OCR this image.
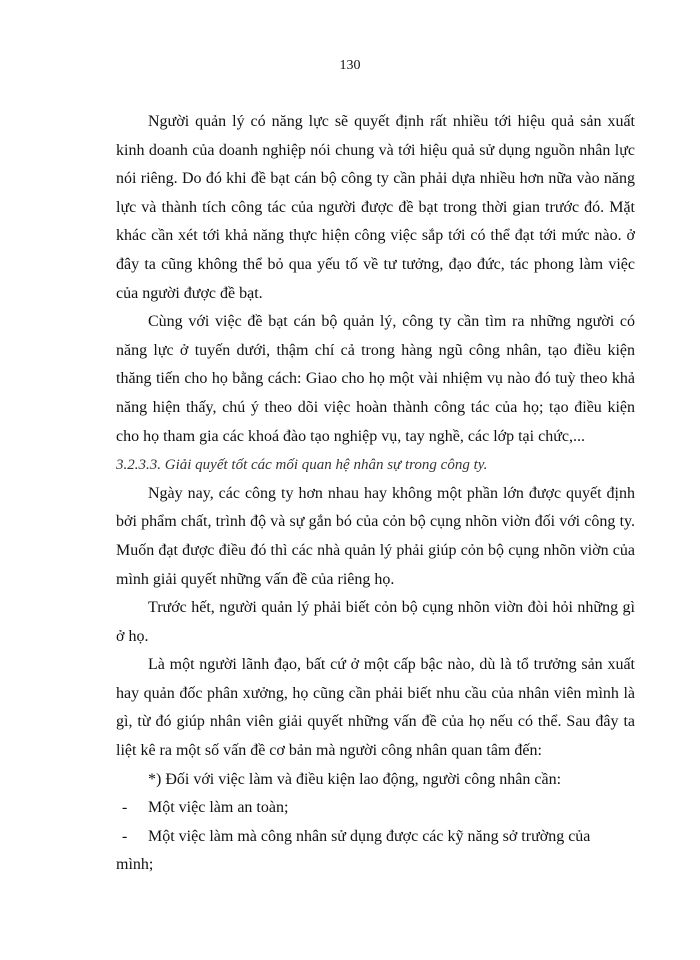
130

Người quản lý có năng lực sẽ quyết định rất nhiều tới hiệu quả sản xuất kinh doanh của doanh nghiệp nói chung và tới hiệu quả sử dụng nguồn nhân lực nói riêng. Do đó khi đề bạt cán bộ công ty cần phải dựa nhiều hơn nữa vào năng lực và thành tích công tác của người được đề bạt trong thời gian trước đó. Mặt khác cần xét tới khả năng thực hiện công việc sắp tới có thể đạt tới mức nào. ở đây ta cũng không thể bỏ qua yếu tố về tư tưởng, đạo đức, tác phong làm việc của người được đề bạt.

Cùng với việc đề bạt cán bộ quản lý, công ty cần tìm ra những người có năng lực ở tuyến dưới, thậm chí cả trong hàng ngũ công nhân, tạo điều kiện thăng tiến cho họ bằng cách: Giao cho họ một vài nhiệm vụ nào đó tuỳ theo khả năng hiện thấy, chú ý theo dõi việc hoàn thành công tác của họ; tạo điều kiện cho họ tham gia các khoá đào tạo nghiệp vụ, tay nghề, các lớp tại chức,...

3.2.3.3. Giải quyết tốt các mối quan hệ nhân sự trong công ty.

Ngày nay, các công ty hơn nhau hay không một phần lớn được quyết định bởi phẩm chất, trình độ và sự gắn bó của cỏn bộ cụng nhõn viờn đối với công ty. Muốn đạt được điều đó thì các nhà quản lý phải giúp cỏn bộ cụng nhõn viờn của mình giải quyết những vấn đề của riêng họ.

Trước hết, người quản lý phải biết cỏn bộ cụng nhõn viờn đòi hỏi những gì ở họ.

Là một người lãnh đạo, bất cứ ở một cấp bậc nào, dù là tổ trưởng sản xuất hay quản đốc phân xưởng, họ cũng cần phải biết nhu cầu của nhân viên mình là gì, từ đó giúp nhân viên giải quyết những vấn đề của họ nếu có thể. Sau đây ta liệt kê ra một số vấn đề cơ bản mà người công nhân quan tâm đến:

*) Đối với việc làm và điều kiện lao động, người công nhân cần:

- Một việc làm an toàn;

- Một việc làm mà công nhân sử dụng được các kỹ năng sở trường của

mình;
